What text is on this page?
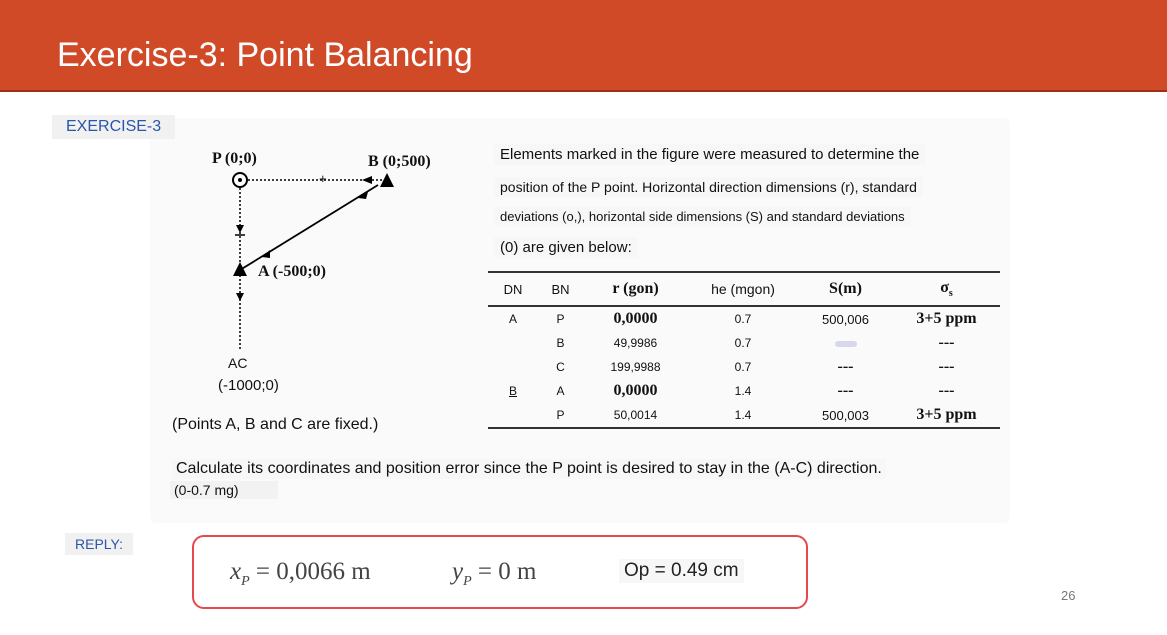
Exercise-3: Point Balancing
EXERCISE-3
P (0;0)	B (0;500)
A (-500;0)
+
AC
(-1000;0)
Elements marked in the figure were measured to determine the
position of the P point. Horizontal direction dimensions (r), standard
deviations (o,), horizontal side dimensions (S) and standard deviations
(0) are given below:
DN	BN	r (gon)	he (mgon)	S(m)	$\sigma_s$
A	P	0,0000	0.7	500,006	3+5 ppm
	B	49,9986	0.7		---
	C	199,9988	0.7	---	---
B	A	0,0000	1.4	---	---
	P	50,0014	1.4	500,003	3+5 ppm
(Points A, B and C are fixed.)
Calculate its coordinates and position error since the P point is desired to stay in the (A-C) direction.
(0-0.7 mg)
REPLY:
$x_P = 0,0066$ m	$y_P = 0$ m	Op = 0.49 cm
26
